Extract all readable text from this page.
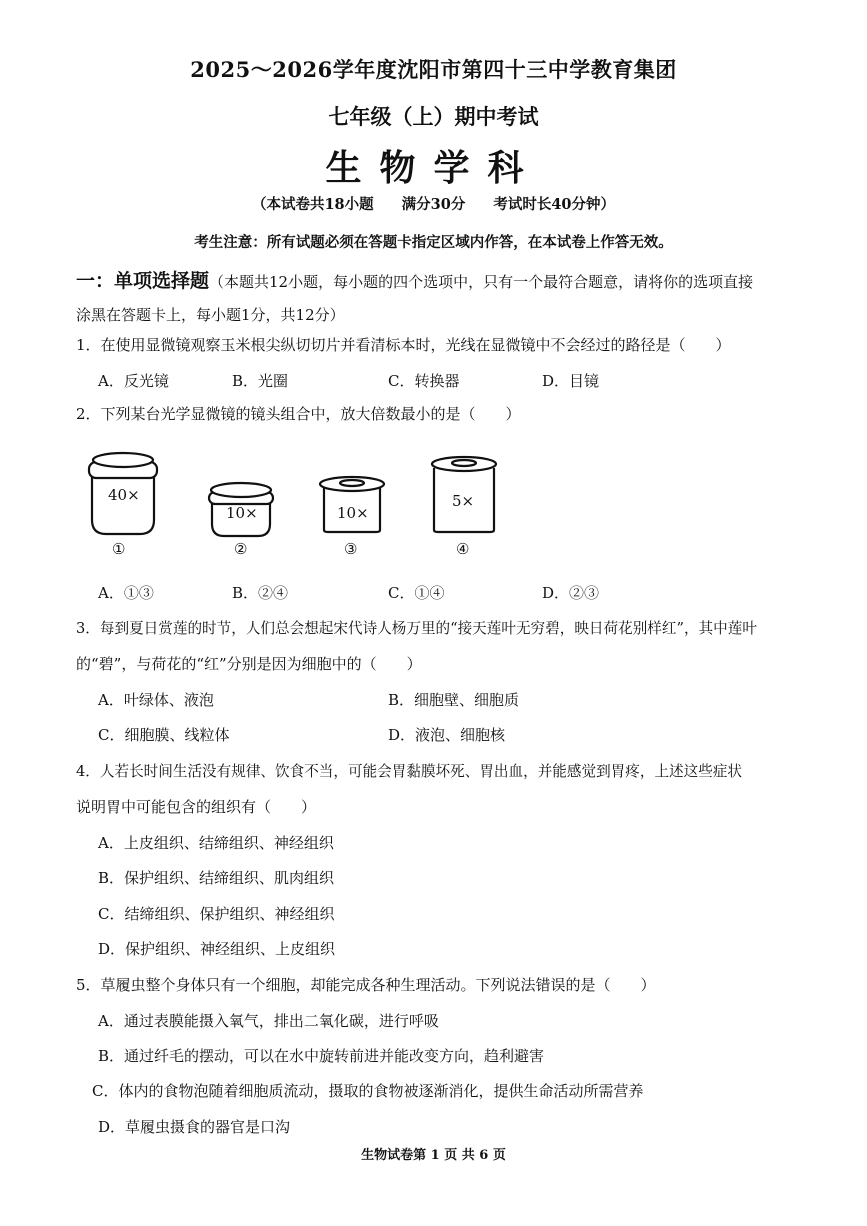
2025～2026学年度沈阳市第四十三中学教育集团
七年级（上）期中考试
生物学科
（本试卷共18小题 满分30分 考试时长40分钟）
考生注意：所有试题必须在答题卡指定区域内作答，在本试卷上作答无效。
一：单项选择题（本题共12小题，每小题的四个选项中，只有一个最符合题意，请将你的选项直接
涂黑在答题卡上，每小题1分，共12分）
1．在使用显微镜观察玉米根尖纵切切片并看清标本时，光线在显微镜中不会经过的路径是（　　）
A．反光镜	B．光圈	C．转换器	D．目镜
2．下列某台光学显微镜的镜头组合中，放大倍数最小的是（　　）
40×
10×	10×
5×
①	②	③	④
A．①③	B．②④	C．①④	D．②③
3．每到夏日赏莲的时节，人们总会想起宋代诗人杨万里的“接天莲叶无穷碧，映日荷花别样红”，其中莲叶
的“碧”，与荷花的“红”分别是因为细胞中的（　　）
A．叶绿体、液泡	B．细胞壁、细胞质
C．细胞膜、线粒体	D．液泡、细胞核
4．人若长时间生活没有规律、饮食不当，可能会胃黏膜坏死、胃出血，并能感觉到胃疼，上述这些症状
说明胃中可能包含的组织有（　　）
A．上皮组织、结缔组织、神经组织
B．保护组织、结缔组织、肌肉组织
C．结缔组织、保护组织、神经组织
D．保护组织、神经组织、上皮组织
5．草履虫整个身体只有一个细胞，却能完成各种生理活动。下列说法错误的是（　　）
A．通过表膜能摄入氧气，排出二氧化碳，进行呼吸
B．通过纤毛的摆动，可以在水中旋转前进并能改变方向，趋利避害
C．体内的食物泡随着细胞质流动，摄取的食物被逐渐消化，提供生命活动所需营养
D．草履虫摄食的器官是口沟
生物试卷第 1 页 共 6 页
